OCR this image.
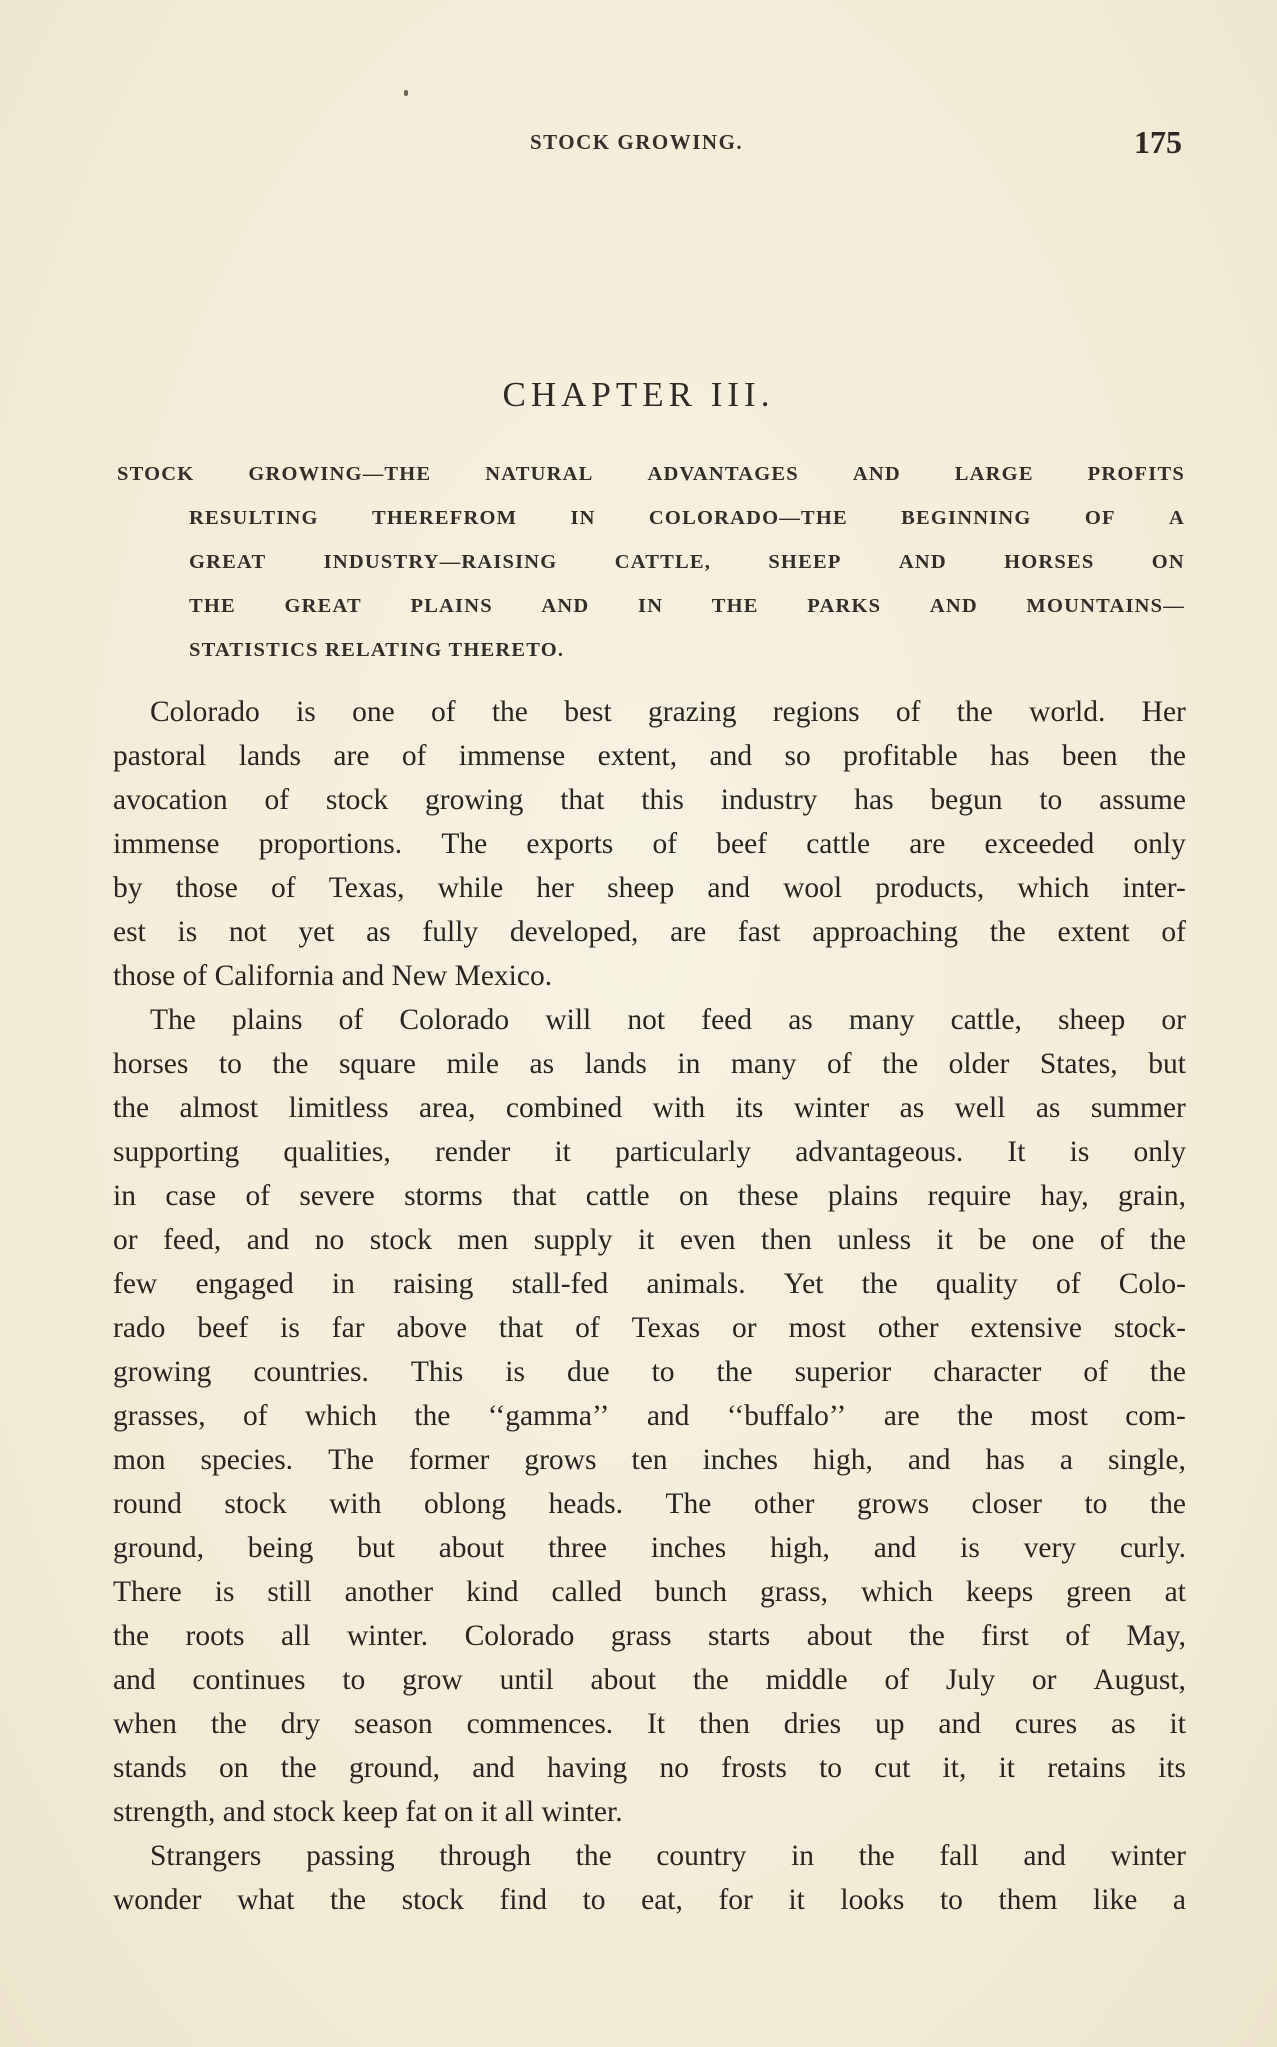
STOCK GROWING.	175
CHAPTER III.
STOCK	GROWING—THE	NATURAL	ADVANTAGES	AND	LARGE	PROFITS
RESULTING	THEREFROM	IN	COLORADO—THE	BEGINNING	OF	A
GREAT	INDUSTRY—RAISING	CATTLE,	SHEEP	AND	HORSES	ON
THE GREAT PLAINS AND IN THE PARKS AND MOUNTAINS—
STATISTICS RELATING THERETO.
Colorado is one of the best grazing regions of the world. Her
pastoral lands are of immense extent, and so profitable has been the
avocation of stock growing that this industry has begun to assume
immense proportions. The exports of beef cattle are exceeded only
by those of Texas, while her sheep and wool products, which inter-
est is not yet as fully developed, are fast approaching the extent of
those of California and New Mexico.
The plains of Colorado will not feed as many cattle, sheep or
horses to the square mile as lands in many of the older States, but
the almost limitless area, combined with its winter as well as summer
supporting qualities, render it particularly advantageous. It is only
in case of severe storms that cattle on these plains require hay, grain,
or feed, and no stock men supply it even then unless it be one of the
few engaged in raising stall-fed animals. Yet the quality of Colo-
rado beef is far above that of Texas or most other extensive stock-
growing countries. This is due to the superior character of the
grasses, of which the ‘‘gamma’’ and ‘‘buffalo’’ are the most com-
mon species. The former grows ten inches high, and has a single,
round stock with oblong heads. The other grows closer to the
ground, being but about three inches high, and is very curly.
There is still another kind called bunch grass, which keeps green at
the roots all winter. Colorado grass starts about the first of May,
and continues to grow until about the middle of July or August,
when the dry season commences. It then dries up and cures as it
stands on the ground, and having no frosts to cut it, it retains its
strength, and stock keep fat on it all winter.
Strangers passing through the country in the fall and winter
wonder what the stock find to eat, for it looks to them like a
